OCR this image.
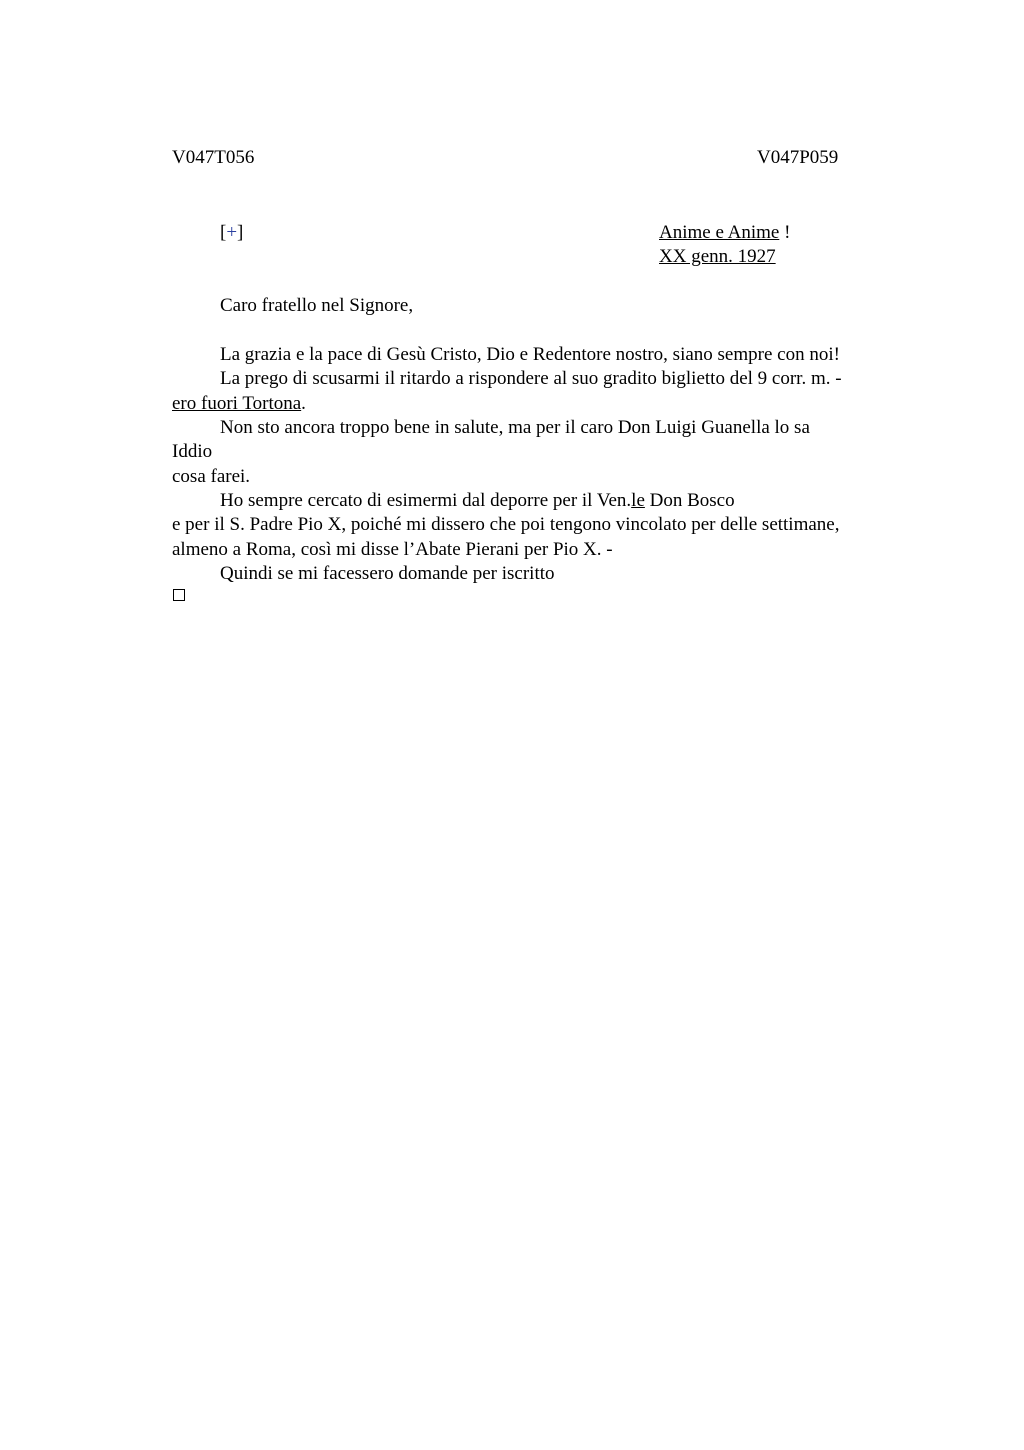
V047T056	V047P059
[+]	Anime e Anime !
XX genn. 1927
Caro fratello nel Signore,
La grazia e la pace di Gesù Cristo, Dio e Redentore nostro, siano sempre con noi!
La prego di scusarmi il ritardo a rispondere al suo gradito biglietto del 9 corr. m. -
ero fuori Tortona.
Non sto ancora troppo bene in salute, ma per il caro Don Luigi Guanella lo sa
Iddio
cosa farei.
Ho sempre cercato di esimermi dal deporre per il Ven.le Don Bosco
e per il S. Padre Pio X, poiché mi dissero che poi tengono vincolato per delle settimane,
almeno a Roma, così mi disse l’Abate Pierani per Pio X. -
Quindi se mi facessero domande per iscritto
